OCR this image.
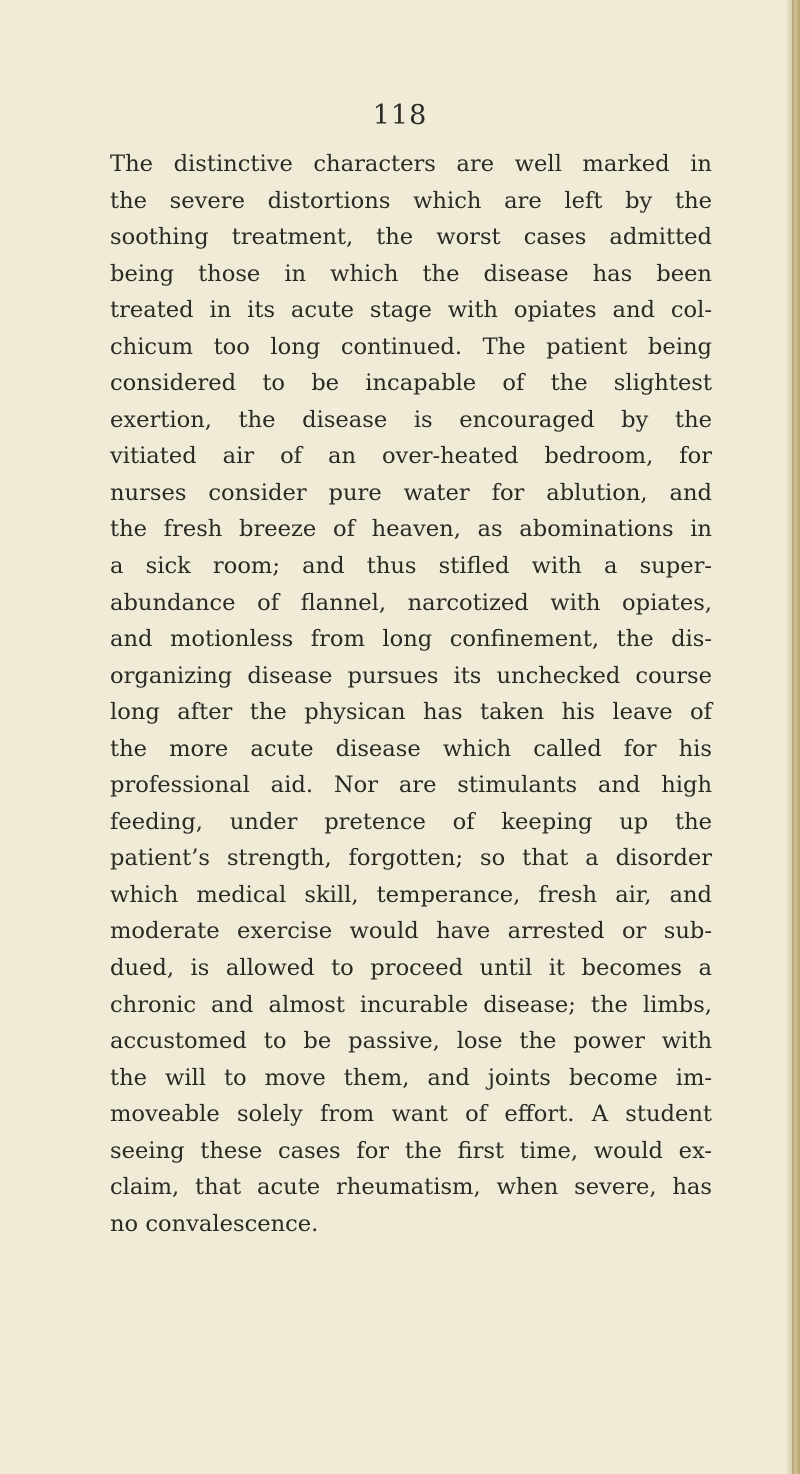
118

The distinctive characters are well marked in
the severe distortions which are left by the
soothing treatment, the worst cases admitted
being those in which the disease has been
treated in its acute stage with opiates and col-
chicum too long continued. The patient being
considered to be incapable of the slightest
exertion, the disease is encouraged by the
vitiated air of an over-heated bedroom, for
nurses consider pure water for ablution, and
the fresh breeze of heaven, as abominations in
a sick room; and thus stifled with a super-
abundance of flannel, narcotized with opiates,
and motionless from long confinement, the dis-
organizing disease pursues its unchecked course
long after the physican has taken his leave of
the more acute disease which called for his
professional aid. Nor are stimulants and high
feeding, under pretence of keeping up the
patient’s strength, forgotten; so that a disorder
which medical skill, temperance, fresh air, and
moderate exercise would have arrested or sub-
dued, is allowed to proceed until it becomes a
chronic and almost incurable disease; the limbs,
accustomed to be passive, lose the power with
the will to move them, and joints become im-
moveable solely from want of effort. A student
seeing these cases for the first time, would ex-
claim, that acute rheumatism, when severe, has
no convalescence.
